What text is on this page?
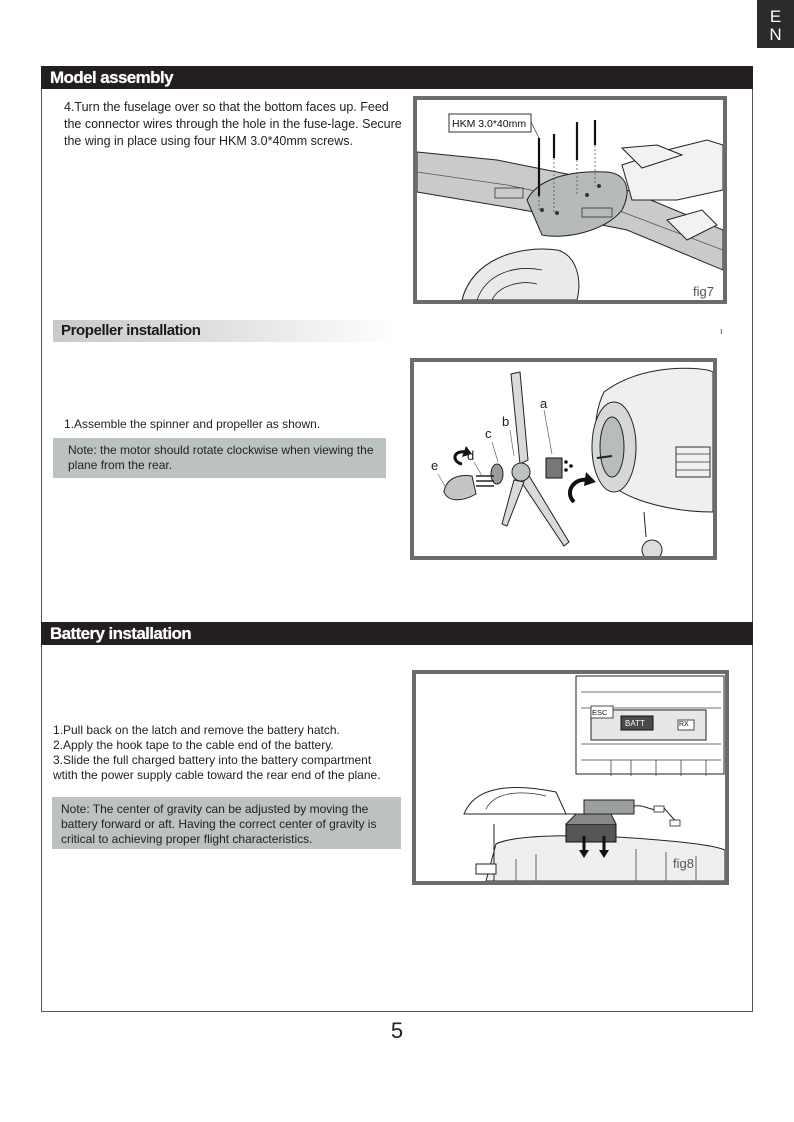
E
N
Model assembly
4.Turn the fuselage over so that the bottom faces up. Feed the connector wires through the hole in the fuse-lage. Secure the wing in place using four HKM 3.0*40mm screws.
HKM 3.0*40mm
fig7
Propeller installation	ı
1.Assemble the spinner and propeller as shown.
Note: the motor should rotate clockwise when viewing the plane from the rear.
a
b
c
d
e
Battery installation
1.Pull back on the latch and remove the battery hatch.
2.Apply the hook tape to the cable end of the battery.
3.Slide the full charged battery into the battery compartment wtith the power supply cable toward the rear end of the plane.
Note: The center of gravity can be adjusted by moving the battery forward or aft. Having the correct center of gravity is critical to achieving proper flight characteristics.
ESC
BATT	RX
fig8
5
